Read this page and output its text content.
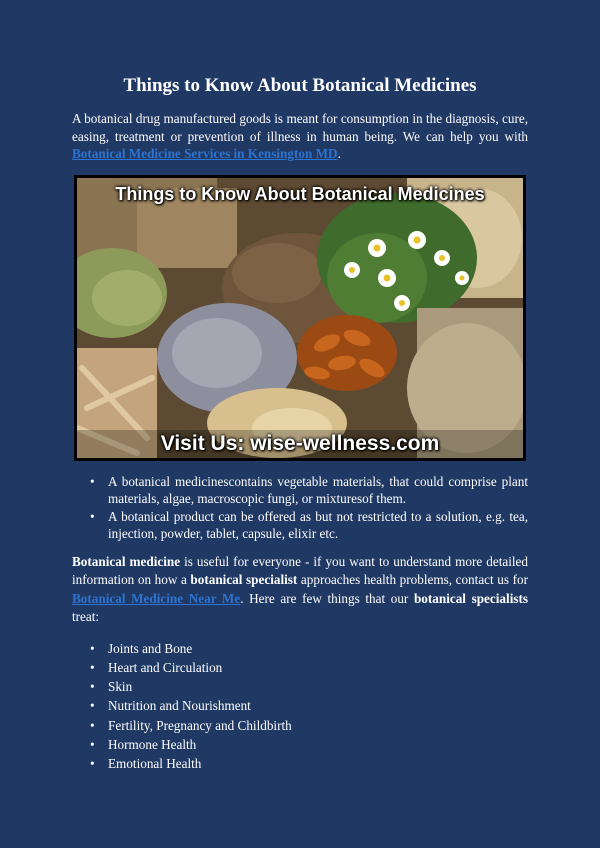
Things to Know About Botanical Medicines

A botanical drug manufactured goods is meant for consumption in the diagnosis, cure, easing, treatment or prevention of illness in human being. We can help you with Botanical Medicine Services in Kensington MD.

Things to Know About Botanical Medicines
Visit Us: wise-wellness.com
• A botanical medicinescontains vegetable materials, that could comprise plant materials, algae, macroscopic fungi, or mixturesof them.
• A botanical product can be offered as but not restricted to a solution, e.g. tea, injection, powder, tablet, capsule, elixir etc.

Botanical medicine is useful for everyone - if you want to understand more detailed information on how a botanical specialist approaches health problems, contact us for Botanical Medicine Near Me. Here are few things that our botanical specialists treat:

• Joints and Bone
• Heart and Circulation
• Skin
• Nutrition and Nourishment
• Fertility, Pregnancy and Childbirth
• Hormone Health
• Emotional Health
